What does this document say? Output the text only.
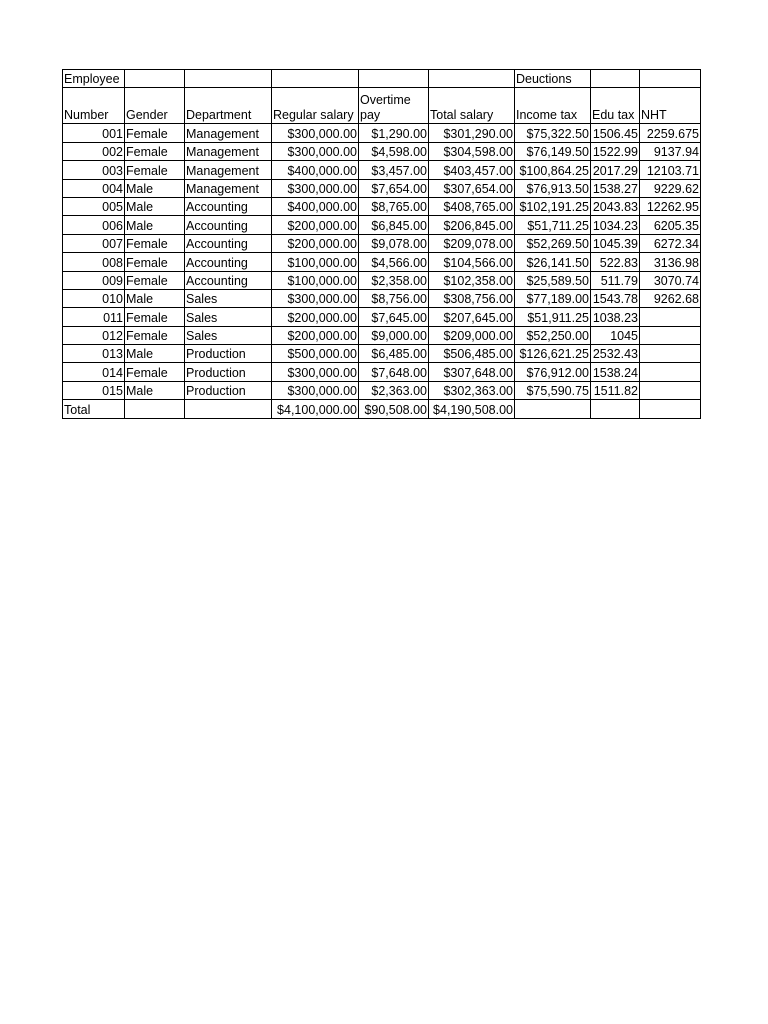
Employee						Deuctions		
Number	Gender	Department	Regular salary	Overtime pay	Total salary	Income tax	Edu tax	NHT
001	Female	Management	$300,000.00	$1,290.00	$301,290.00	$75,322.50	1506.45	2259.675
002	Female	Management	$300,000.00	$4,598.00	$304,598.00	$76,149.50	1522.99	9137.94
003	Female	Management	$400,000.00	$3,457.00	$403,457.00	$100,864.25	2017.29	12103.71
004	Male	Management	$300,000.00	$7,654.00	$307,654.00	$76,913.50	1538.27	9229.62
005	Male	Accounting	$400,000.00	$8,765.00	$408,765.00	$102,191.25	2043.83	12262.95
006	Male	Accounting	$200,000.00	$6,845.00	$206,845.00	$51,711.25	1034.23	6205.35
007	Female	Accounting	$200,000.00	$9,078.00	$209,078.00	$52,269.50	1045.39	6272.34
008	Female	Accounting	$100,000.00	$4,566.00	$104,566.00	$26,141.50	522.83	3136.98
009	Female	Accounting	$100,000.00	$2,358.00	$102,358.00	$25,589.50	511.79	3070.74
010	Male	Sales	$300,000.00	$8,756.00	$308,756.00	$77,189.00	1543.78	9262.68
011	Female	Sales	$200,000.00	$7,645.00	$207,645.00	$51,911.25	1038.23	
012	Female	Sales	$200,000.00	$9,000.00	$209,000.00	$52,250.00	1045	
013	Male	Production	$500,000.00	$6,485.00	$506,485.00	$126,621.25	2532.43	
014	Female	Production	$300,000.00	$7,648.00	$307,648.00	$76,912.00	1538.24	
015	Male	Production	$300,000.00	$2,363.00	$302,363.00	$75,590.75	1511.82	
Total			$4,100,000.00	$90,508.00	$4,190,508.00			
